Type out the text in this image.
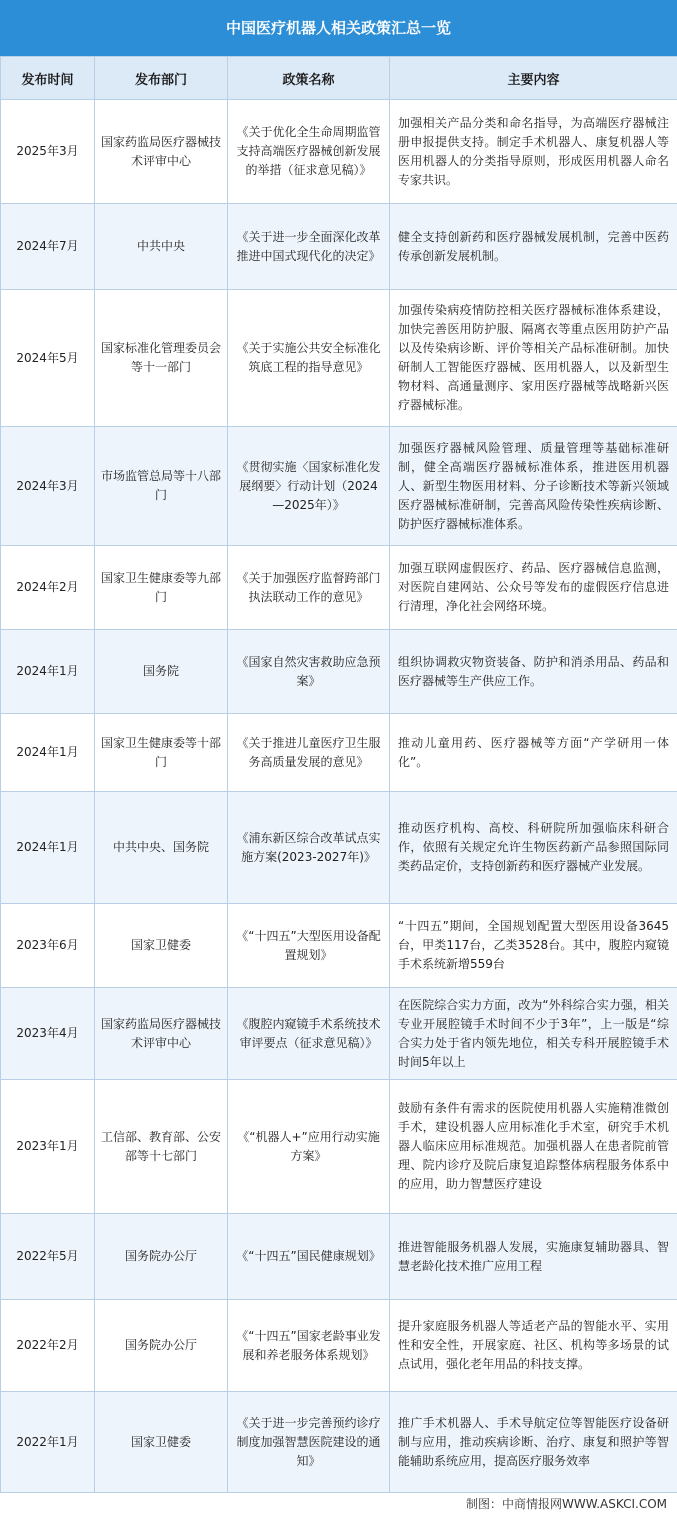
中国医疗机器人相关政策汇总一览
发布时间	发布部门	政策名称	主要内容
2025年3月	国家药监局医疗器械技术评审中心	《关于优化全生命周期监管支持高端医疗器械创新发展的举措（征求意见稿）》	加强相关产品分类和命名指导，为高端医疗器械注册申报提供支持。制定手术机器人、康复机器人等医用机器人的分类指导原则，形成医用机器人命名专家共识。
2024年7月	中共中央	《关于进一步全面深化改革推进中国式现代化的决定》	健全支持创新药和医疗器械发展机制，完善中医药传承创新发展机制。
2024年5月	国家标准化管理委员会等十一部门	《关于实施公共安全标准化筑底工程的指导意见》	加强传染病疫情防控相关医疗器械标准体系建设，加快完善医用防护服、隔离衣等重点医用防护产品以及传染病诊断、评价等相关产品标准研制。加快研制人工智能医疗器械、医用机器人，以及新型生物材料、高通量测序、家用医疗器械等战略新兴医疗器械标准。
2024年3月	市场监管总局等十八部门	《贯彻实施〈国家标准化发展纲要〉行动计划（2024—2025年）》	加强医疗器械风险管理、质量管理等基础标准研制，健全高端医疗器械标准体系，推进医用机器人、新型生物医用材料、分子诊断技术等新兴领域医疗器械标准研制，完善高风险传染性疾病诊断、防护医疗器械标准体系。
2024年2月	国家卫生健康委等九部门	《关于加强医疗监督跨部门执法联动工作的意见》	加强互联网虚假医疗、药品、医疗器械信息监测，对医院自建网站、公众号等发布的虚假医疗信息进行清理，净化社会网络环境。
2024年1月	国务院	《国家自然灾害救助应急预案》	组织协调救灾物资装备、防护和消杀用品、药品和医疗器械等生产供应工作。
2024年1月	国家卫生健康委等十部门	《关于推进儿童医疗卫生服务高质量发展的意见》	推动儿童用药、医疗器械等方面“产学研用一体化”。
2024年1月	中共中央、国务院	《浦东新区综合改革试点实施方案(2023-2027年)》	推动医疗机构、高校、科研院所加强临床科研合作，依照有关规定允许生物医药新产品参照国际同类药品定价，支持创新药和医疗器械产业发展。
2023年6月	国家卫健委	《“十四五”大型医用设备配置规划》	“十四五”期间，全国规划配置大型医用设备3645台，甲类117台，乙类3528台。其中，腹腔内窥镜手术系统新增559台
2023年4月	国家药监局医疗器械技术评审中心	《腹腔内窥镜手术系统技术审评要点（征求意见稿）》	在医院综合实力方面，改为“外科综合实力强，相关专业开展腔镜手术时间不少于3年”，上一版是“综合实力处于省内领先地位，相关专科开展腔镜手术时间5年以上
2023年1月	工信部、教育部、公安部等十七部门	《“机器人+”应用行动实施方案》	鼓励有条件有需求的医院使用机器人实施精准微创手术，建设机器人应用标准化手术室，研究手术机器人临床应用标准规范。加强机器人在患者院前管理、院内诊疗及院后康复追踪整体病程服务体系中的应用，助力智慧医疗建设
2022年5月	国务院办公厅	《“十四五”国民健康规划》	推进智能服务机器人发展，实施康复辅助器具、智慧老龄化技术推广应用工程
2022年2月	国务院办公厅	《“十四五”国家老龄事业发展和养老服务体系规划》	提升家庭服务机器人等适老产品的智能水平、实用性和安全性，开展家庭、社区、机构等多场景的试点试用，强化老年用品的科技支撑。
2022年1月	国家卫健委	《关于进一步完善预约诊疗制度加强智慧医院建设的通知》	推广手术机器人、手术导航定位等智能医疗设备研制与应用，推动疾病诊断、治疗、康复和照护等智能辅助系统应用，提高医疗服务效率
制图：中商情报网WWW.ASKCI.COM
